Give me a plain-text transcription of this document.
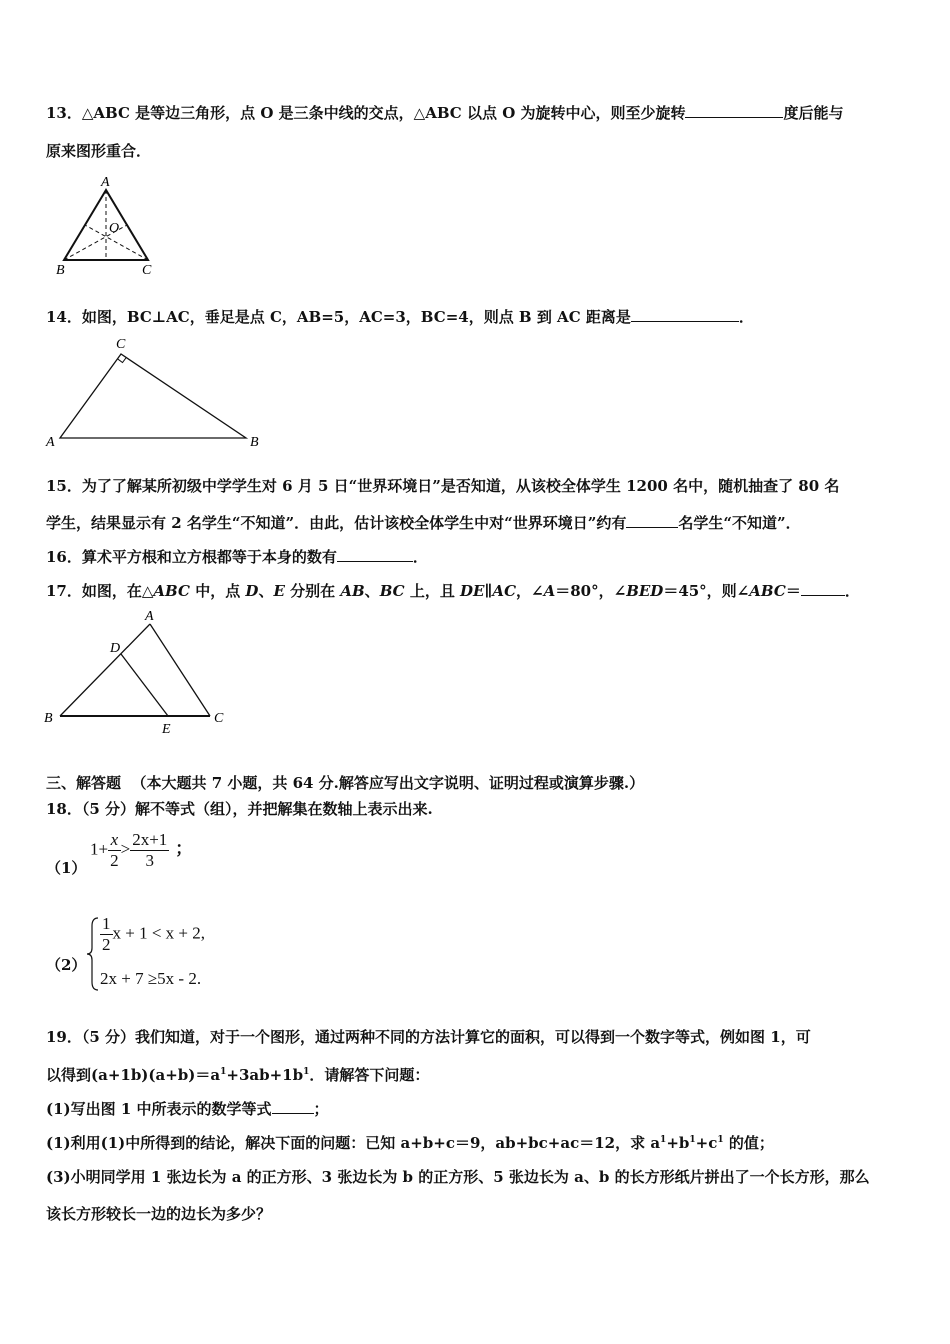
13．△ABC 是等边三角形，点 O 是三条中线的交点，△ABC 以点 O 为旋转中心，则至少旋转	度后能与
原来图形重合．
A
B	C
O
14．如图，BC⊥AC，垂足是点 C，AB=5，AC=3，BC=4，则点 B 到 AC 距离是	．
C
A	B
15．为了了解某所初级中学学生对 6 月 5 日“世界环境日”是否知道，从该校全体学生 1200 名中，随机抽查了 80 名
学生，结果显示有 2 名学生“不知道”．由此，估计该校全体学生中对“世界环境日”约有	名学生“不知道”．
16．算术平方根和立方根都等于本身的数有	．
17．如图，在△ABC 中，点 D、E 分别在 AB、BC 上，且 DE∥AC，∠A＝80°，∠BED＝45°，则∠ABC＝	．
A
D
B
E
C
三、解答题 （本大题共 7 小题，共 64 分.解答应写出文字说明、证明过程或演算步骤.）
18．（5 分）解不等式（组），并把解集在数轴上表示出来.
（1）
$1+ \frac{x}{2} > \frac{2x+1}{3}$ ；
（2）
$\frac{1}{2}$ x + 1 < x + 2,
2x + 7 ≥5x - 2.
19．（5 分）我们知道，对于一个图形，通过两种不同的方法计算它的面积，可以得到一个数字等式，例如图 1，可
以得到$(a+1b)(a+b)=a^1+3ab+1b^1$．请解答下问题：
(1)写出图 1 中所表示的数学等式	；
(1)利用(1)中所得到的结论，解决下面的问题：已知 a+b+c＝9，ab+bc+ac＝12，求 $a^1+b^1+c^1$ 的值；
(3)小明同学用 1 张边长为 a 的正方形、3 张边长为 b 的正方形、5 张边长为 a、b 的长方形纸片拼出了一个长方形，那么
该长方形较长一边的边长为多少？
